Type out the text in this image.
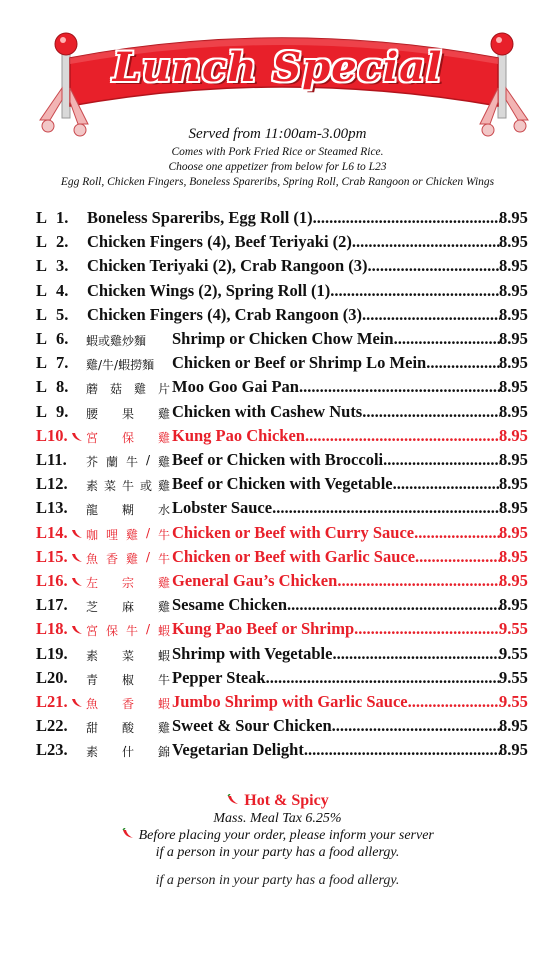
Lunch Special
Served from 11:00am-3.00pm
Comes with Pork Fried Rice or Steamed Rice.
Choose one appetizer from below for L6 to L23
Egg Roll, Chicken Fingers, Boneless Spareribs, Spring Roll, Crab Rangoon or Chicken Wings
L 1. Boneless Spareribs, Egg Roll (1) .....	8.95
L 2. Chicken Fingers (4), Beef Teriyaki (2) .....	8.95
L 3. Chicken Teriyaki (2), Crab Rangoon (3) .....	8.95
L 4. Chicken Wings (2), Spring Roll (1) .....	8.95
L 5. Chicken Fingers (4), Crab Rangoon (3) .....	8.95
L 6. 蝦或雞炒麵 Shrimp or Chicken Chow Mein .....	8.95
L 7. 雞/牛/蝦撈麵 Chicken or Beef or Shrimp Lo Mein .....	8.95
L 8. 蘑 菇 雞 片 Moo Goo Gai Pan .....	8.95
L 9. 腰 果 雞 Chicken with Cashew Nuts .....	8.95
L10. 宮 保 雞 Kung Pao Chicken .....	8.95
L11. 芥 蘭 牛 / 雞 Beef or Chicken with Broccoli .....	8.95
L12. 素 菜 牛 或 雞 Beef or Chicken with Vegetable .....	8.95
L13. 龍 糊 水 Lobster Sauce .....	8.95
L14. 咖 哩 雞 / 牛 Chicken or Beef with Curry Sauce .....	8.95
L15. 魚 香 雞 / 牛 Chicken or Beef with Garlic Sauce .....	8.95
L16. 左 宗 雞 General Gau’s Chicken .....	8.95
L17. 芝 麻 雞 Sesame Chicken .....	8.95
L18. 宮 保 牛 / 蝦 Kung Pao Beef or Shrimp .....	9.55
L19. 素 菜 蝦 Shrimp with Vegetable .....	9.55
L20. 青 椒 牛 Pepper Steak .....	9.55
L21. 魚 香 蝦 Jumbo Shrimp with Garlic Sauce .....	9.55
L22. 甜 酸 雞 Sweet & Sour Chicken .....	8.95
L23. 素 什 錦 Vegetarian Delight .....	8.95
Hot & Spicy
Mass. Meal Tax 6.25%
Before placing your order, please inform your server
if a person in your party has a food allergy.
if a person in your party has a food allergy.
